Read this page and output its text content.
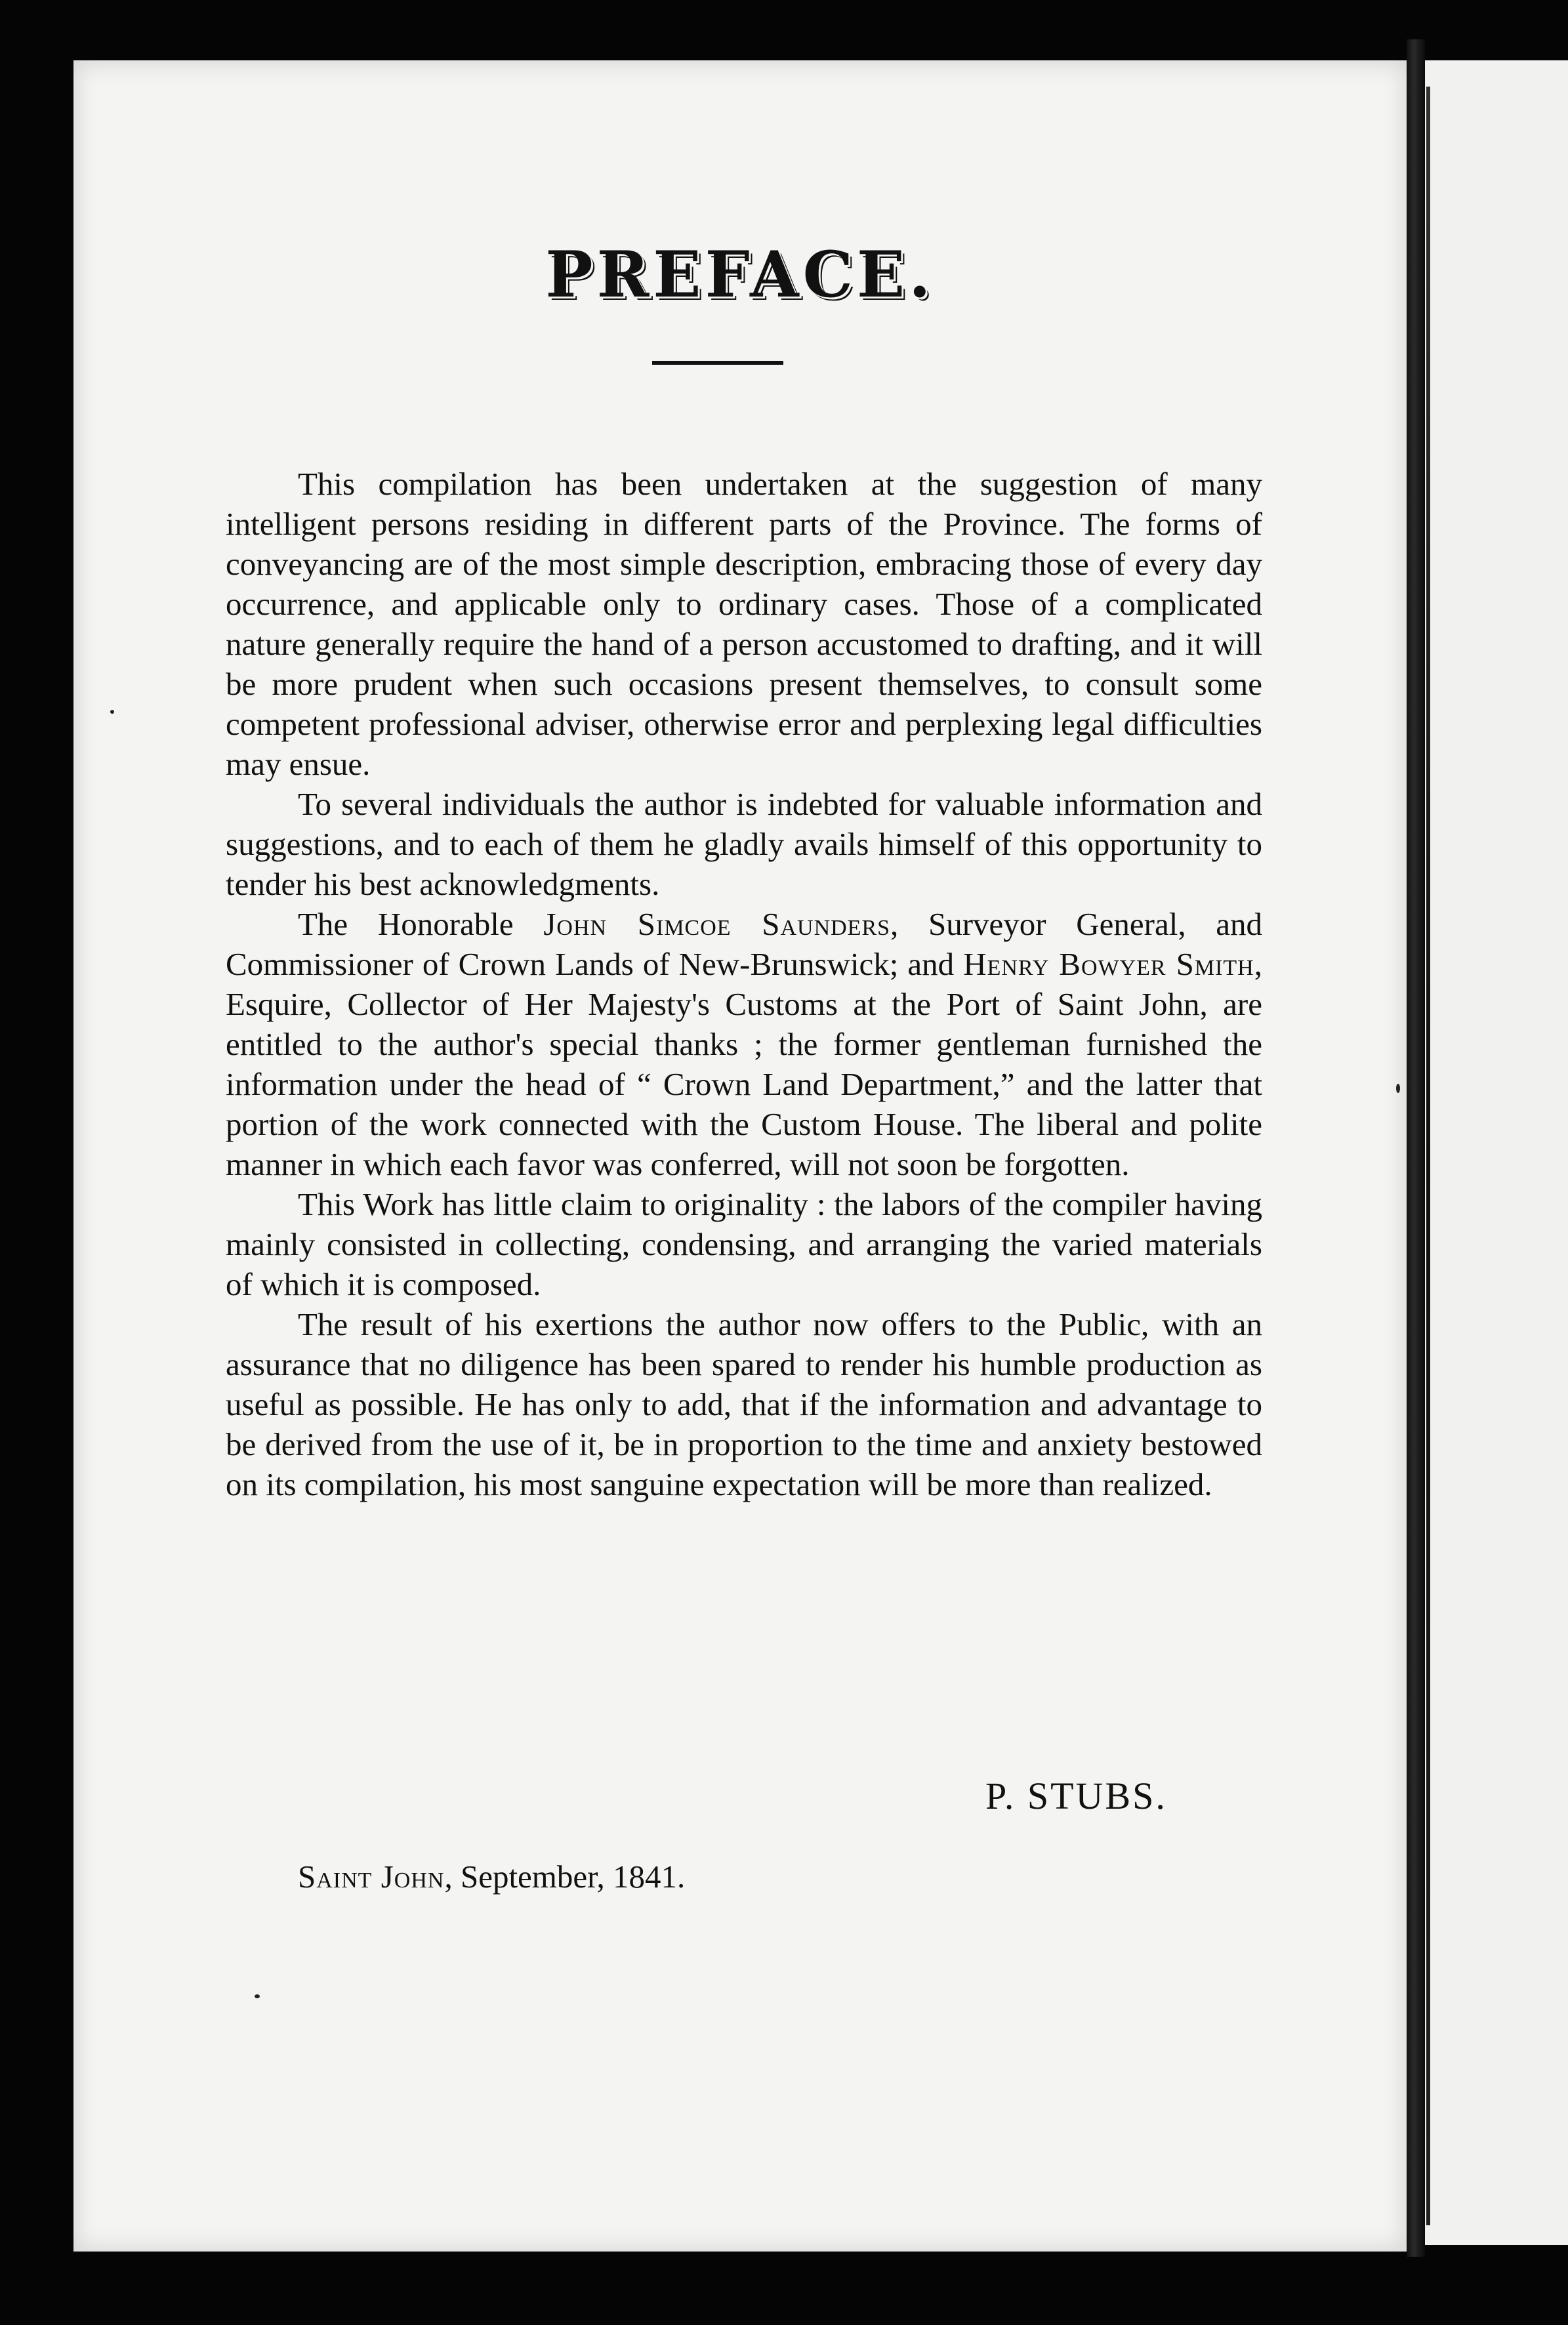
PREFACE.

This compilation has been undertaken at the suggestion of many intelligent persons residing in different parts of the Province. The forms of conveyancing are of the most simple description, embracing those of every day occurrence, and applicable only to ordinary cases. Those of a complicated nature generally require the hand of a person accustomed to drafting, and it will be more prudent when such occasions present themselves, to consult some competent professional adviser, otherwise error and perplexing legal difficulties may ensue.

To several individuals the author is indebted for valuable information and suggestions, and to each of them he gladly avails himself of this opportunity to tender his best acknowledgments.

The Honorable John Simcoe Saunders, Surveyor General, and Commissioner of Crown Lands of New-Brunswick; and Henry Bowyer Smith, Esquire, Collector of Her Majesty's Customs at the Port of Saint John, are entitled to the author's special thanks ; the former gentleman furnished the information under the head of “ Crown Land Department,” and the latter that portion of the work connected with the Custom House. The liberal and polite manner in which each favor was conferred, will not soon be forgotten.

This Work has little claim to originality : the labors of the compiler having mainly consisted in collecting, condensing, and arranging the varied materials of which it is composed.

The result of his exertions the author now offers to the Public, with an assurance that no diligence has been spared to render his humble production as useful as possible. He has only to add, that if the information and advantage to be derived from the use of it, be in proportion to the time and anxiety bestowed on its compilation, his most sanguine expectation will be more than realized.

P. STUBS.
Saint John, September, 1841.
